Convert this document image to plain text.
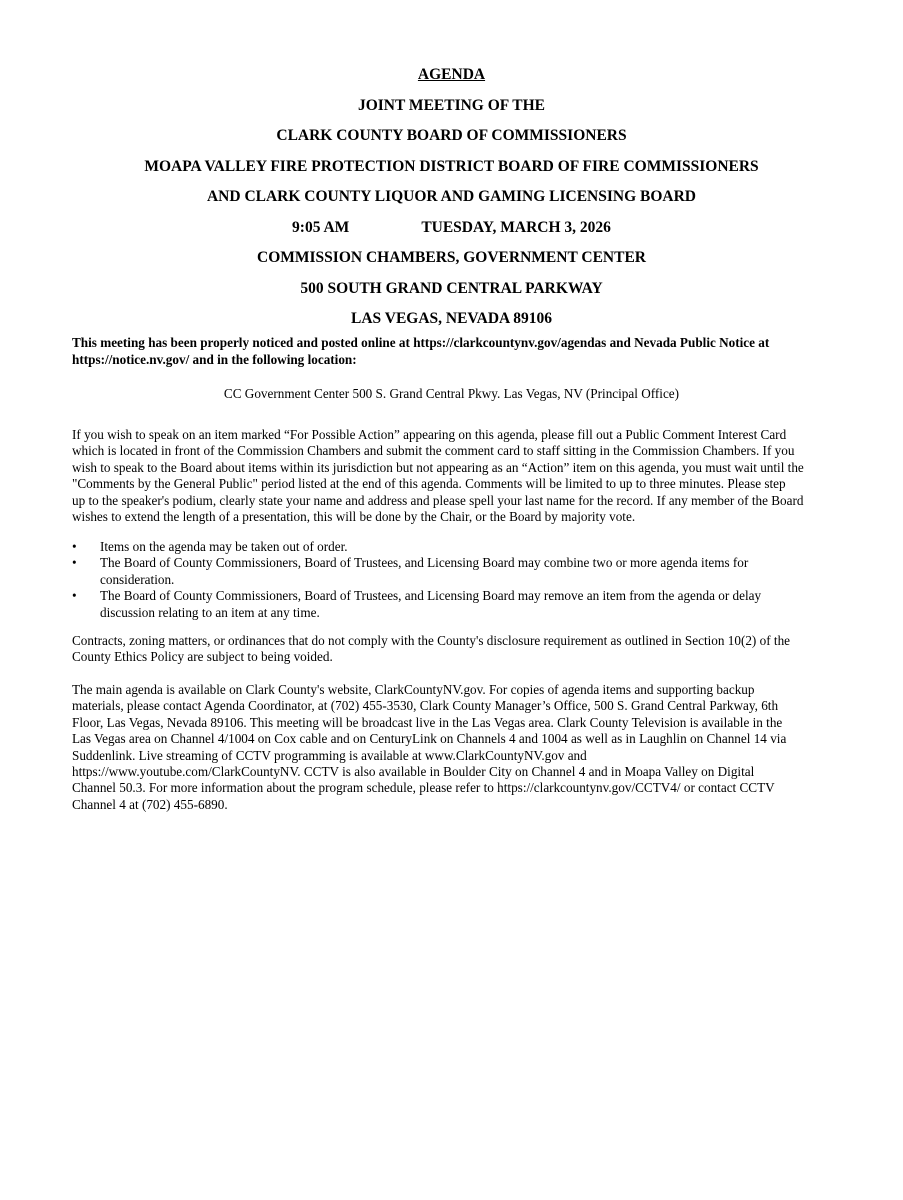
AGENDA
JOINT MEETING OF THE
CLARK COUNTY BOARD OF COMMISSIONERS
MOAPA VALLEY FIRE PROTECTION DISTRICT BOARD OF FIRE COMMISSIONERS
AND CLARK COUNTY LIQUOR AND GAMING LICENSING BOARD
9:05 AM	TUESDAY, MARCH 3, 2026
COMMISSION CHAMBERS, GOVERNMENT CENTER
500 SOUTH GRAND CENTRAL PARKWAY
LAS VEGAS, NEVADA 89106
This meeting has been properly noticed and posted online at https://clarkcountynv.gov/agendas and Nevada Public Notice at
https://notice.nv.gov/ and in the following location:
CC Government Center 500 S. Grand Central Pkwy. Las Vegas, NV (Principal Office)
If you wish to speak on an item marked “For Possible Action” appearing on this agenda, please fill out a Public Comment Interest Card
which is located in front of the Commission Chambers and submit the comment card to staff sitting in the Commission Chambers. If you
wish to speak to the Board about items within its jurisdiction but not appearing as an “Action” item on this agenda, you must wait until the
"Comments by the General Public" period listed at the end of this agenda. Comments will be limited to up to three minutes. Please step
up to the speaker's podium, clearly state your name and address and please spell your last name for the record. If any member of the Board
wishes to extend the length of a presentation, this will be done by the Chair, or the Board by majority vote.
• Items on the agenda may be taken out of order.
• The Board of County Commissioners, Board of Trustees, and Licensing Board may combine two or more agenda items for
consideration.
• The Board of County Commissioners, Board of Trustees, and Licensing Board may remove an item from the agenda or delay
discussion relating to an item at any time.
Contracts, zoning matters, or ordinances that do not comply with the County's disclosure requirement as outlined in Section 10(2) of the
County Ethics Policy are subject to being voided.
The main agenda is available on Clark County's website, ClarkCountyNV.gov. For copies of agenda items and supporting backup
materials, please contact Agenda Coordinator, at (702) 455-3530, Clark County Manager’s Office, 500 S. Grand Central Parkway, 6th
Floor, Las Vegas, Nevada 89106. This meeting will be broadcast live in the Las Vegas area. Clark County Television is available in the
Las Vegas area on Channel 4/1004 on Cox cable and on CenturyLink on Channels 4 and 1004 as well as in Laughlin on Channel 14 via
Suddenlink. Live streaming of CCTV programming is available at www.ClarkCountyNV.gov and
https://www.youtube.com/ClarkCountyNV. CCTV is also available in Boulder City on Channel 4 and in Moapa Valley on Digital
Channel 50.3. For more information about the program schedule, please refer to https://clarkcountynv.gov/CCTV4/ or contact CCTV
Channel 4 at (702) 455-6890.
